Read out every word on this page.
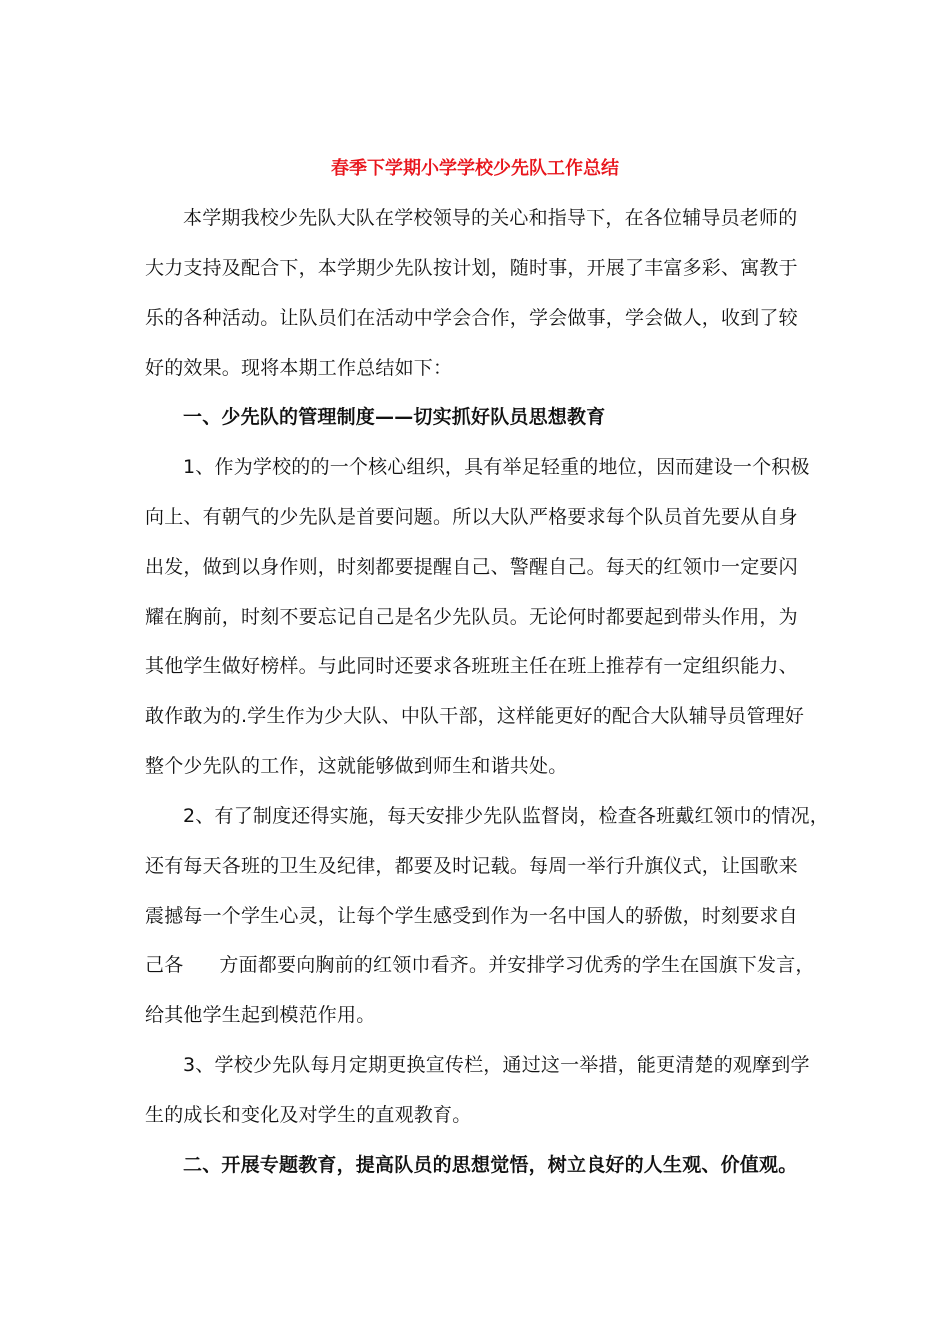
春季下学期小学学校少先队工作总结
本学期我校少先队大队在学校领导的关心和指导下，在各位辅导员老师的
大力支持及配合下，本学期少先队按计划，随时事，开展了丰富多彩、寓教于
乐的各种活动。让队员们在活动中学会合作，学会做事，学会做人，收到了较
好的效果。现将本期工作总结如下：
一、少先队的管理制度——切实抓好队员思想教育
1、作为学校的的一个核心组织，具有举足轻重的地位，因而建设一个积极
向上、有朝气的少先队是首要问题。所以大队严格要求每个队员首先要从自身
出发，做到以身作则，时刻都要提醒自己、警醒自己。每天的红领巾一定要闪
耀在胸前，时刻不要忘记自己是名少先队员。无论何时都要起到带头作用，为
其他学生做好榜样。与此同时还要求各班班主任在班上推荐有一定组织能力、
敢作敢为的.学生作为少大队、中队干部，这样能更好的配合大队辅导员管理好
整个少先队的工作，这就能够做到师生和谐共处。
2、有了制度还得实施，每天安排少先队监督岗，检查各班戴红领巾的情况，
还有每天各班的卫生及纪律，都要及时记载。每周一举行升旗仪式，让国歌来
震撼每一个学生心灵，让每个学生感受到作为一名中国人的骄傲，时刻要求自
己各 方面都要向胸前的红领巾看齐。并安排学习优秀的学生在国旗下发言，
给其他学生起到模范作用。
3、学校少先队每月定期更换宣传栏，通过这一举措，能更清楚的观摩到学
生的成长和变化及对学生的直观教育。
二、开展专题教育，提高队员的思想觉悟，树立良好的人生观、价值观。
